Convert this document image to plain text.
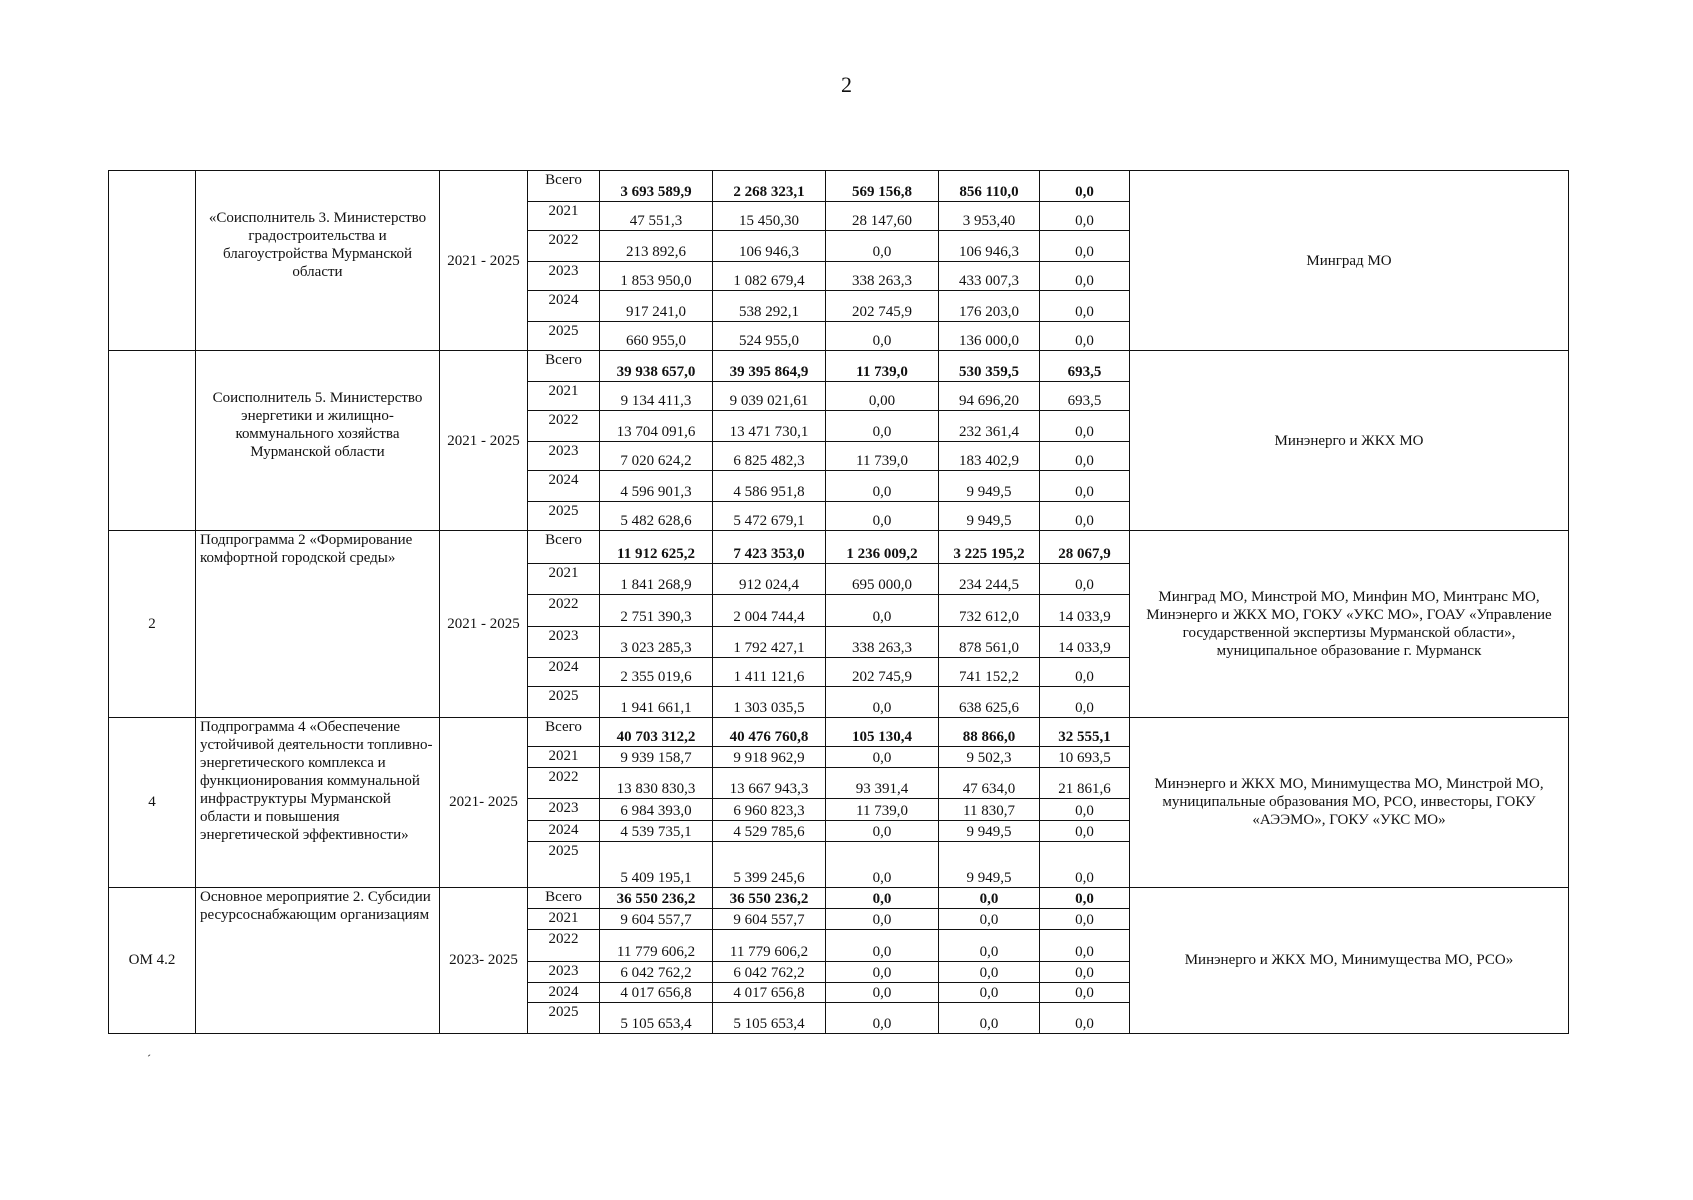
2
	«Соисполнитель 3. Министерство градостроительства и благоустройства Мурманской области	2021 - 2025	Всего	3 693 589,9	2 268 323,1	569 156,8	856 110,0	0,0	Минград МО
			2021	47 551,3	15 450,30	28 147,60	3 953,40	0,0	
			2022	213 892,6	106 946,3	0,0	106 946,3	0,0	
			2023	1 853 950,0	1 082 679,4	338 263,3	433 007,3	0,0	
			2024	917 241,0	538 292,1	202 745,9	176 203,0	0,0	
			2025	660 955,0	524 955,0	0,0	136 000,0	0,0	
	Соисполнитель 5. Министерство энергетики и жилищно-коммунального хозяйства Мурманской области	2021 - 2025	Всего	39 938 657,0	39 395 864,9	11 739,0	530 359,5	693,5	Минэнерго и ЖКХ МО
			2021	9 134 411,3	9 039 021,61	0,00	94 696,20	693,5	
			2022	13 704 091,6	13 471 730,1	0,0	232 361,4	0,0	
			2023	7 020 624,2	6 825 482,3	11 739,0	183 402,9	0,0	
			2024	4 596 901,3	4 586 951,8	0,0	9 949,5	0,0	
			2025	5 482 628,6	5 472 679,1	0,0	9 949,5	0,0	
2	Подпрограмма 2 «Формирование комфортной городской среды»	2021 - 2025	Всего	11 912 625,2	7 423 353,0	1 236 009,2	3 225 195,2	28 067,9	Минград МО, Минстрой МО, Минфин МО, Минтранс МО, Минэнерго и ЖКХ МО, ГОКУ «УКС МО», ГОАУ «Управление государственной экспертизы Мурманской области», муниципальное образование г. Мурманск
			2021	1 841 268,9	912 024,4	695 000,0	234 244,5	0,0	
			2022	2 751 390,3	2 004 744,4	0,0	732 612,0	14 033,9	
			2023	3 023 285,3	1 792 427,1	338 263,3	878 561,0	14 033,9	
			2024	2 355 019,6	1 411 121,6	202 745,9	741 152,2	0,0	
			2025	1 941 661,1	1 303 035,5	0,0	638 625,6	0,0	
4	Подпрограмма 4 «Обеспечение устойчивой деятельности топливно-энергетического комплекса и функционирования коммунальной инфраструктуры Мурманской области и повышения энергетической эффективности»	2021- 2025	Всего	40 703 312,2	40 476 760,8	105 130,4	88 866,0	32 555,1	Минэнерго и ЖКХ МО, Минимущества МО, Минстрой МО, муниципальные образования МО, РСО, инвесторы, ГОКУ «АЭЭМО», ГОКУ «УКС МО»
			2021	9 939 158,7	9 918 962,9	0,0	9 502,3	10 693,5	
			2022	13 830 830,3	13 667 943,3	93 391,4	47 634,0	21 861,6	
			2023	6 984 393,0	6 960 823,3	11 739,0	11 830,7	0,0	
			2024	4 539 735,1	4 529 785,6	0,0	9 949,5	0,0	
			2025	5 409 195,1	5 399 245,6	0,0	9 949,5	0,0	
ОМ 4.2	Основное мероприятие 2. Субсидии ресурсоснабжающим организациям	2023- 2025	Всего	36 550 236,2	36 550 236,2	0,0	0,0	0,0	Минэнерго и ЖКХ МО, Минимущества МО, РСО»
			2021	9 604 557,7	9 604 557,7	0,0	0,0	0,0	
			2022	11 779 606,2	11 779 606,2	0,0	0,0	0,0	
			2023	6 042 762,2	6 042 762,2	0,0	0,0	0,0	
			2024	4 017 656,8	4 017 656,8	0,0	0,0	0,0	
			2025	5 105 653,4	5 105 653,4	0,0	0,0	0,0	
´
